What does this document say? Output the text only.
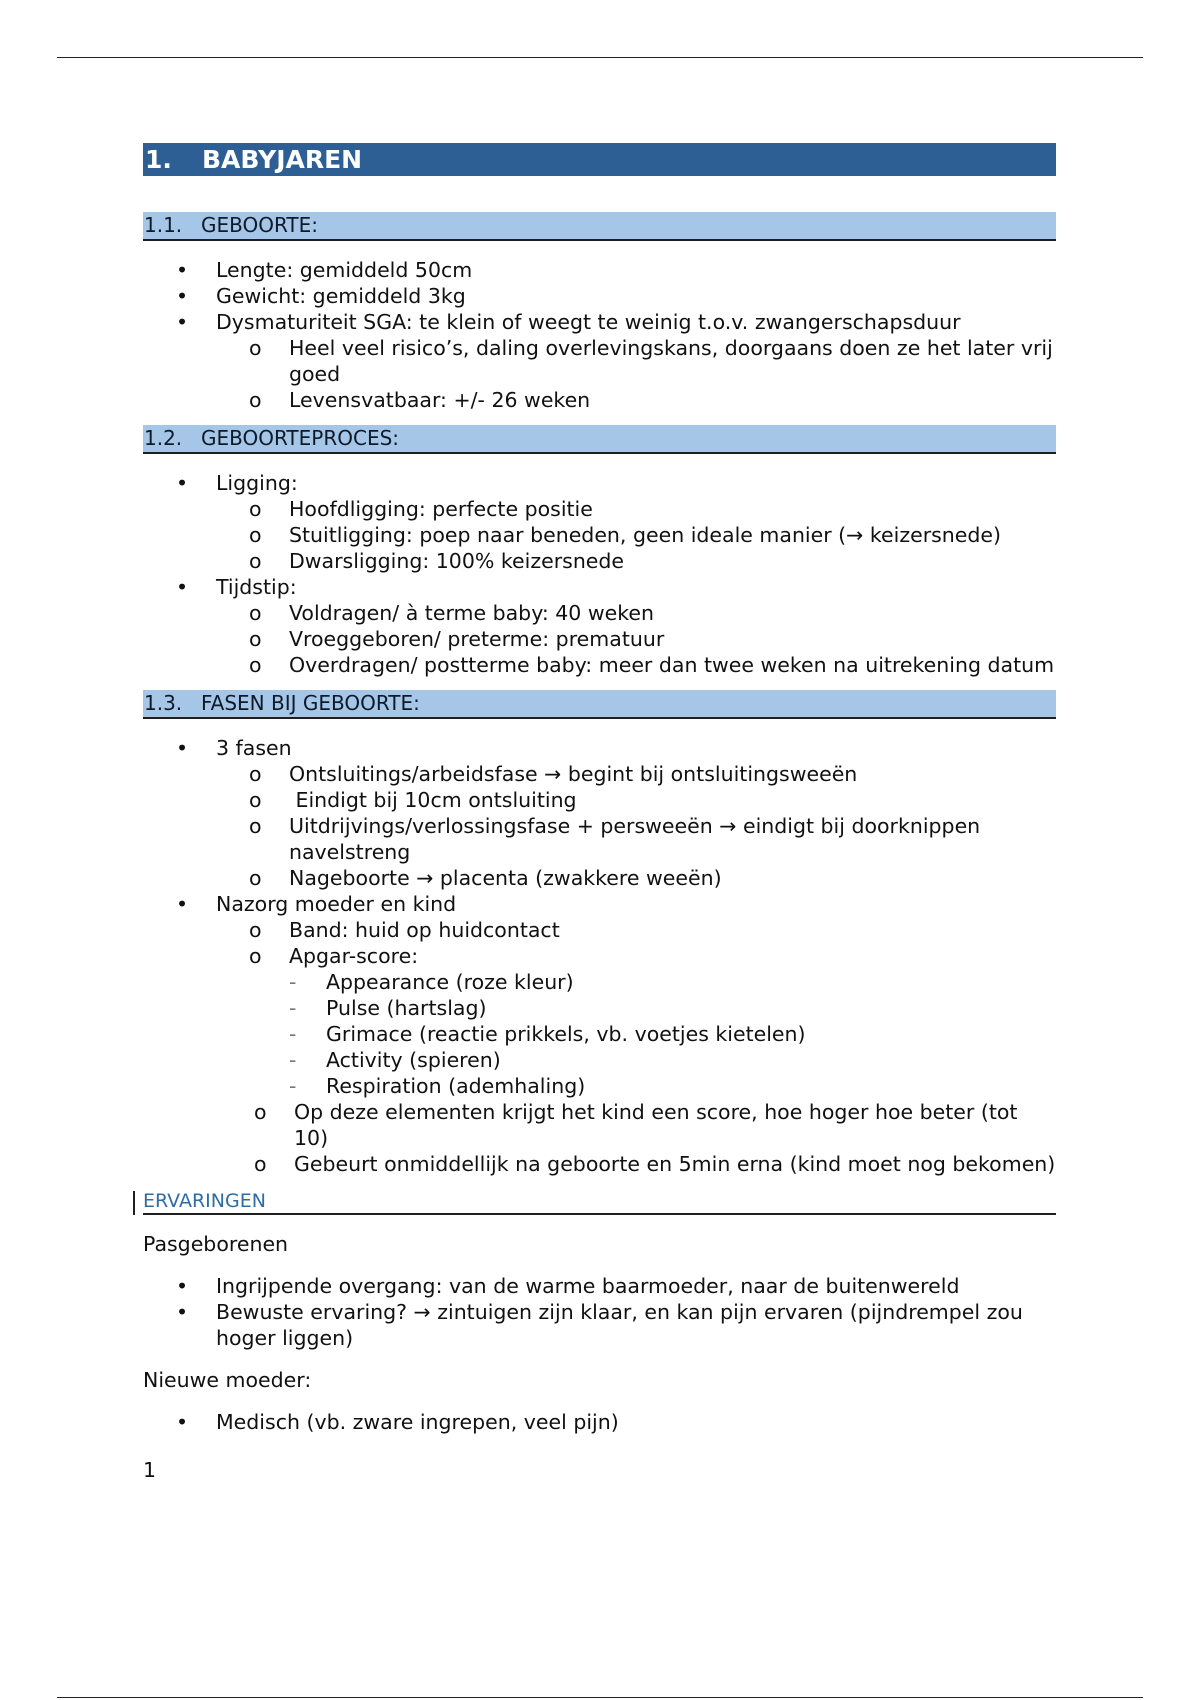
1.	BABYJAREN
1.1. GEBOORTE:
• Lengte: gemiddeld 50cm
• Gewicht: gemiddeld 3kg
• Dysmaturiteit SGA: te klein of weegt te weinig t.o.v. zwangerschapsduur
o Heel veel risico’s, daling overlevingskans, doorgaans doen ze het later vrij goed
o Levensvatbaar: +/- 26 weken
1.2. GEBOORTEPROCES:
• Ligging:
o Hoofdligging: perfecte positie
o Stuitligging: poep naar beneden, geen ideale manier (→ keizersnede)
o Dwarsligging: 100% keizersnede
• Tijdstip:
o Voldragen/ à terme baby: 40 weken
o Vroeggeboren/ preterme: prematuur
o Overdragen/ postterme baby: meer dan twee weken na uitrekening datum
1.3. FASEN BIJ GEBOORTE:
• 3 fasen
o Ontsluitings/arbeidsfase → begint bij ontsluitingsweeën
o Eindigt bij 10cm ontsluiting
o Uitdrijvings/verlossingsfase + persweeën → eindigt bij doorknippen navelstreng
o Nageboorte → placenta (zwakkere weeën)
• Nazorg moeder en kind
o Band: huid op huidcontact
o Apgar-score:
- Appearance (roze kleur)
- Pulse (hartslag)
- Grimace (reactie prikkels, vb. voetjes kietelen)
- Activity (spieren)
- Respiration (ademhaling)
o Op deze elementen krijgt het kind een score, hoe hoger hoe beter (tot 10)
o Gebeurt onmiddellijk na geboorte en 5min erna (kind moet nog bekomen)
ERVARINGEN
Pasgeborenen
• Ingrijpende overgang: van de warme baarmoeder, naar de buitenwereld
• Bewuste ervaring? → zintuigen zijn klaar, en kan pijn ervaren (pijndrempel zou hoger liggen)
Nieuwe moeder:
• Medisch (vb. zware ingrepen, veel pijn)
1
